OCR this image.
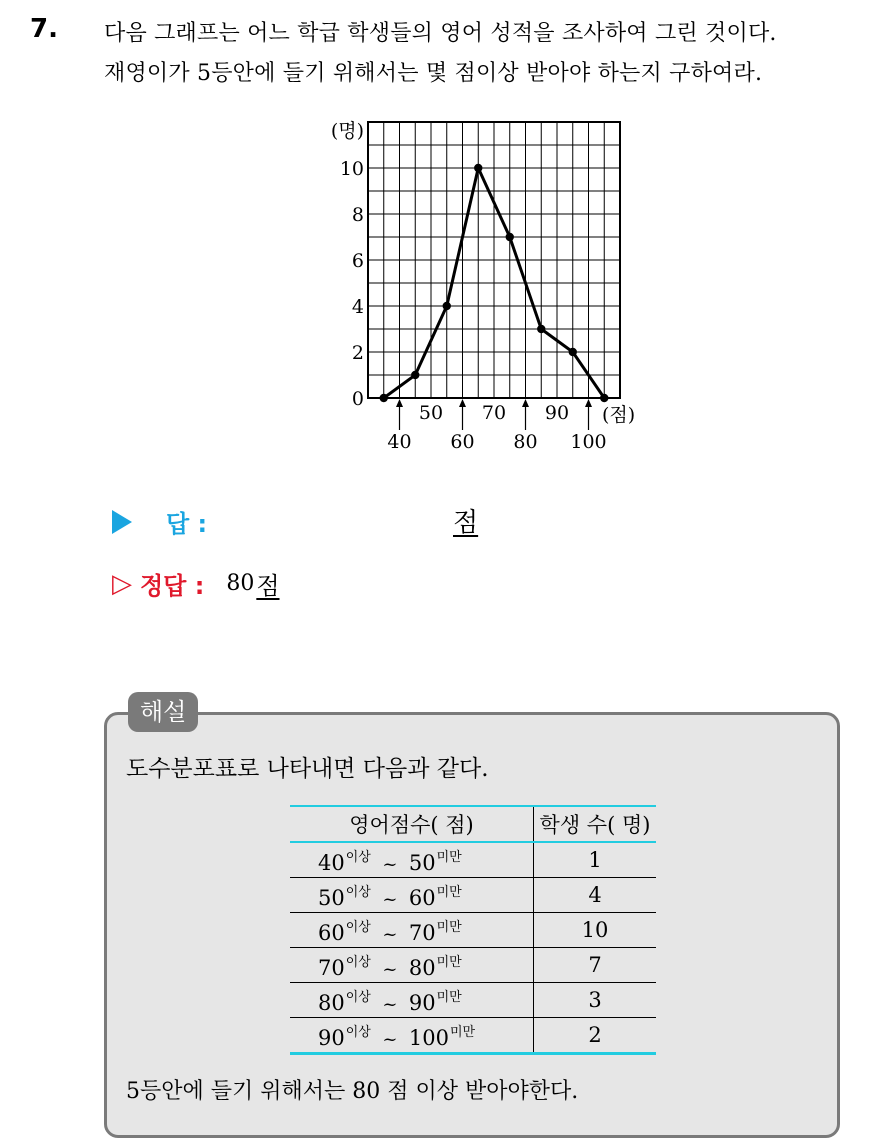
7. 다음 그래프는 어느 학급 학생들의 영어 성적을 조사하여 그린 것이다.
재영이가 5등안에 들기 위해서는 몇 점이상 받아야 하는지 구하여라.
(명)
0
2
4
6
8
10
50 70 90
40 60 80 100
(점)
답 :	점
▷ 정답 : 80 점
해설
도수분포표로 나타내면 다음과 같다.
영어점수( 점)	학생 수( 명)
$40^{이상}$ ~ $50^{미만}$	1
$50^{이상}$ ~ $60^{미만}$	4
$60^{이상}$ ~ $70^{미만}$	10
$70^{이상}$ ~ $80^{미만}$	7
$80^{이상}$ ~ $90^{미만}$	3
$90^{이상}$ ~ $100^{미만}$	2
5등안에 들기 위해서는 80 점 이상 받아야한다.
